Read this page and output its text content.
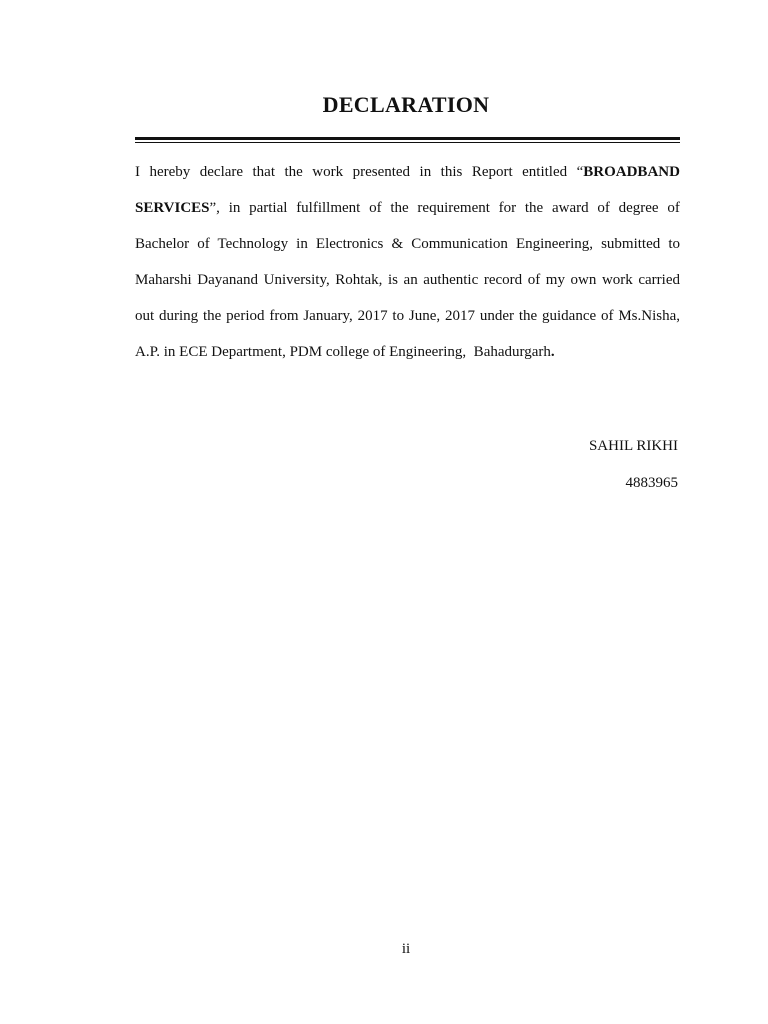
DECLARATION
I hereby declare that the work presented in this Report entitled “BROADBAND
SERVICES”, in partial fulfillment of the requirement for the award of degree of
Bachelor of Technology in Electronics & Communication Engineering, submitted to
Maharshi Dayanand University, Rohtak, is an authentic record of my own work carried
out during the period from January, 2017 to June, 2017 under the guidance of Ms.Nisha,
A.P. in ECE Department, PDM college of Engineering,  Bahadurgarh.
SAHIL RIKHI
4883965
ii
